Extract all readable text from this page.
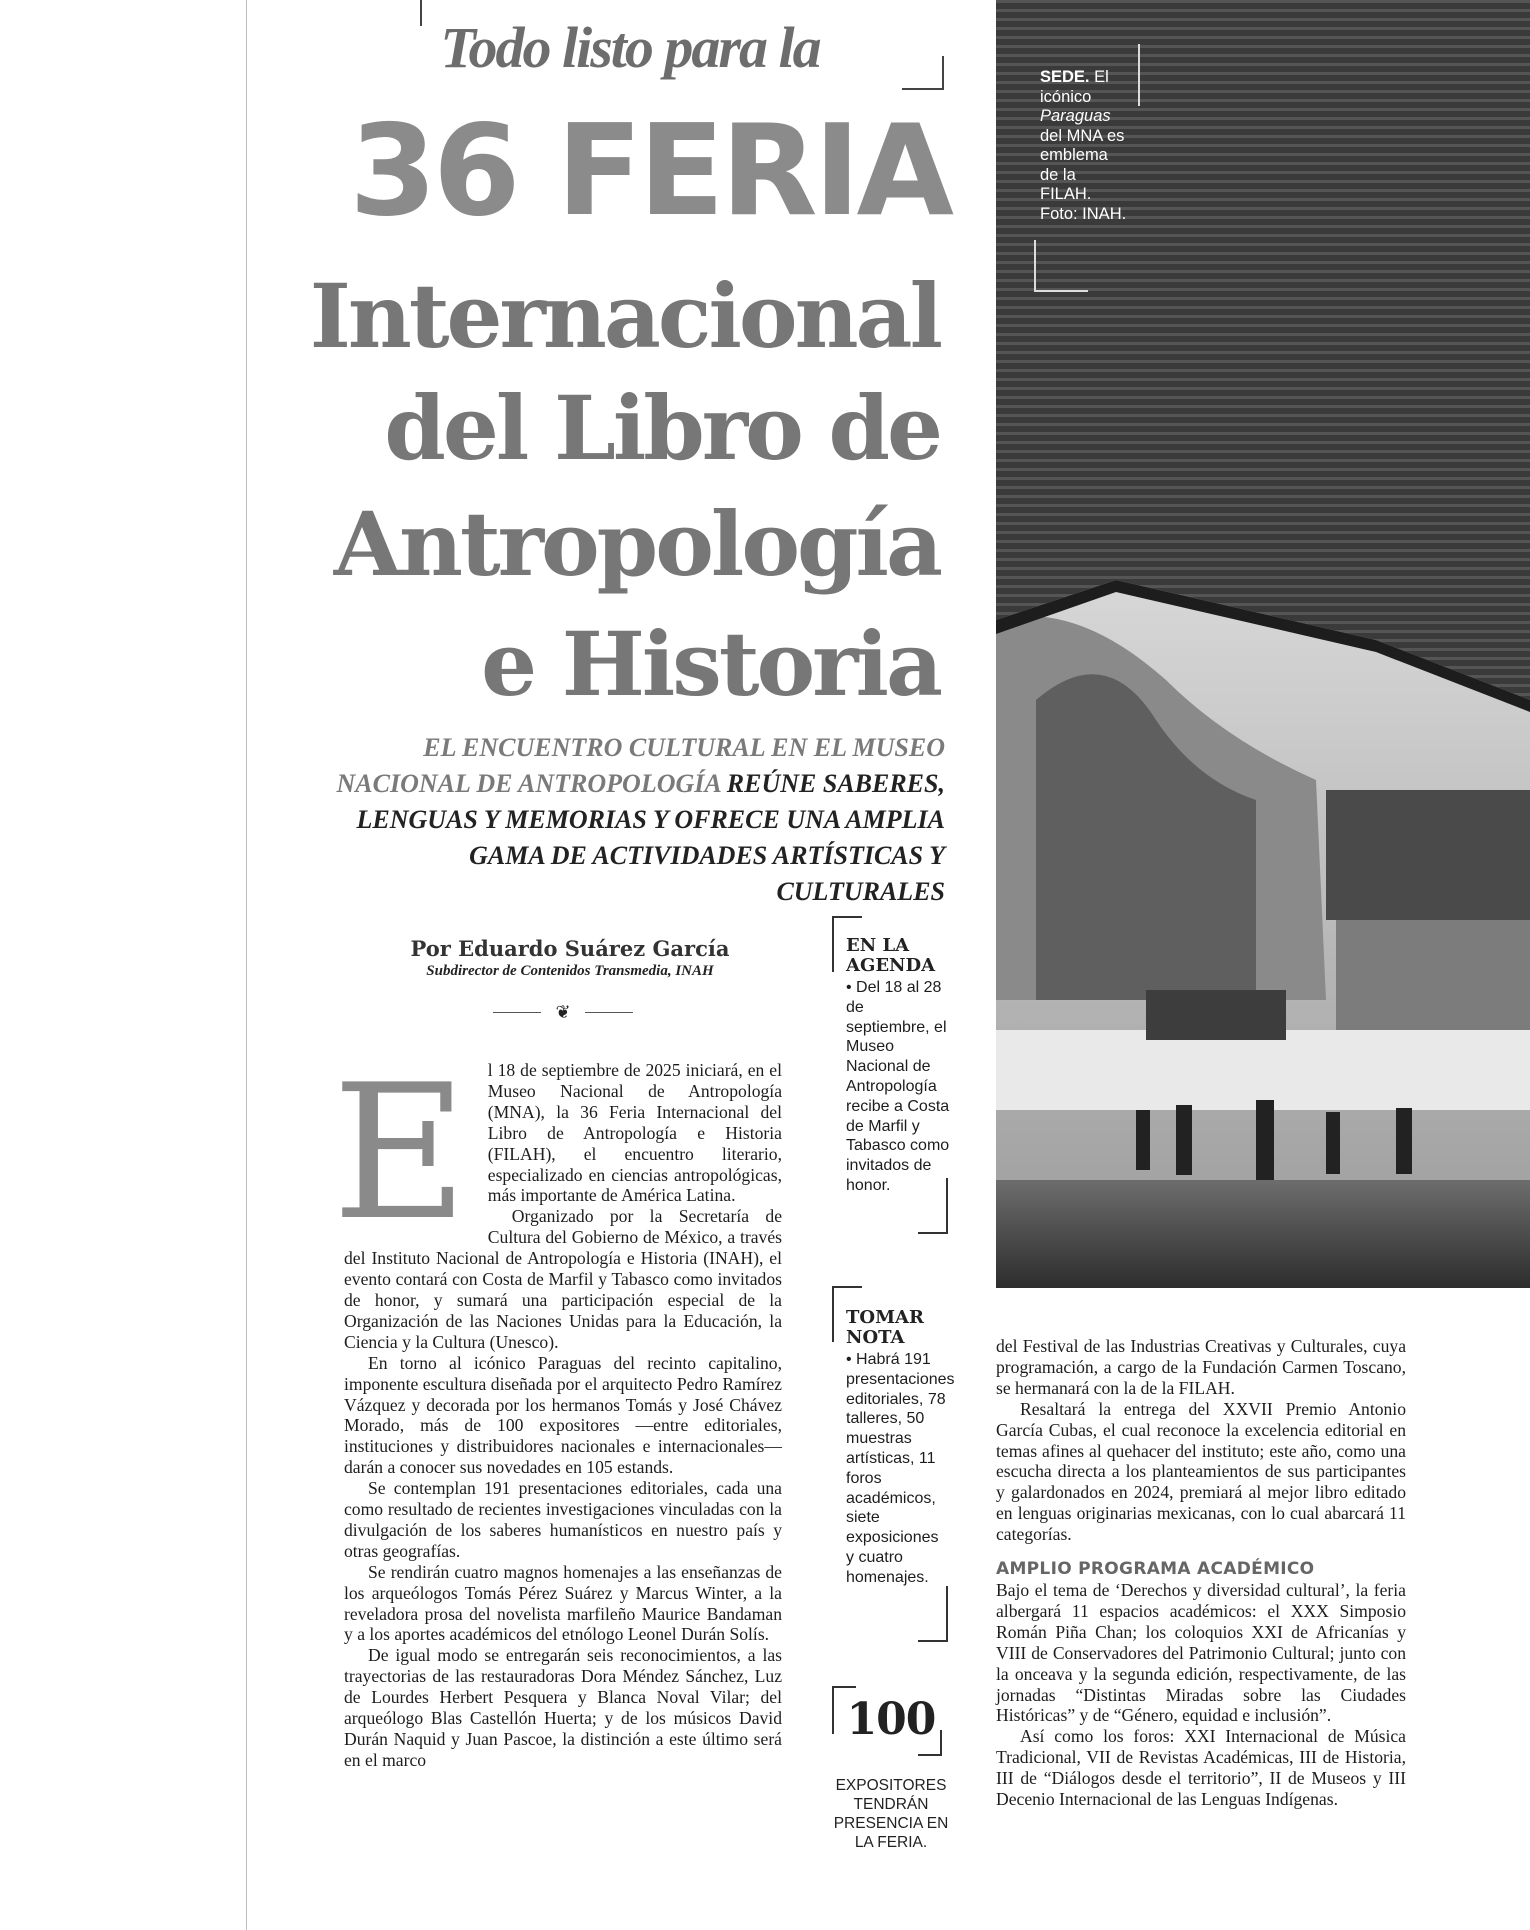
Todo listo para la
36 FERIA
Internacional
del Libro de
Antropología
e Historia
EL ENCUENTRO CULTURAL EN EL MUSEO NACIONAL DE ANTROPOLOGÍA REÚNE SABERES, LENGUAS Y MEMORIAS Y OFRECE UNA AMPLIA GAMA DE ACTIVIDADES ARTÍSTICAS Y CULTURALES
Por Eduardo Suárez García
Subdirector de Contenidos Transmedia, INAH
❦
E	l 18 de septiembre de 2025 iniciará, en el Museo Nacional de Antropología (MNA), la 36 Feria Internacional del Libro de Antropología e Historia (FILAH), el encuentro literario, especializado en ciencias antropológicas, más importante de América Latina.

Organizado por la Secretaría de Cultura del Gobierno de México, a través del Instituto Nacional de Antropología e Historia (INAH), el evento contará con Costa de Marfil y Tabasco como invitados de honor, y sumará una participación especial de la Organización de las Naciones Unidas para la Educación, la Ciencia y la Cultura (Unesco).

En torno al icónico Paraguas del recinto capitalino, imponente escultura diseñada por el arquitecto Pedro Ramírez Vázquez y decorada por los hermanos Tomás y José Chávez Morado, más de 100 expositores —entre editoriales, instituciones y distribuidores nacionales e internacionales— darán a conocer sus novedades en 105 estands.

Se contemplan 191 presentaciones editoriales, cada una como resultado de recientes investigaciones vinculadas con la divulgación de los saberes humanísticos en nuestro país y otras geografías.

Se rendirán cuatro magnos homenajes a las enseñanzas de los arqueólogos Tomás Pérez Suárez y Marcus Winter, a la reveladora prosa del novelista marfileño Maurice Bandaman y a los aportes académicos del etnólogo Leonel Durán Solís.

De igual modo se entregarán seis reconocimientos, a las trayectorias de las restauradoras Dora Méndez Sánchez, Luz de Lourdes Herbert Pesquera y Blanca Noval Vilar; del arqueólogo Blas Castellón Huerta; y de los músicos David Durán Naquid y Juan Pascoe, la distinción a este último será en el marco

EN LA AGENDA
• Del 18 al 28 de septiembre, el Museo Nacional de Antropología recibe a Costa de Marfil y Tabasco como invitados de honor.
TOMAR NOTA
• Habrá 191 presentaciones editoriales, 78 talleres, 50 muestras artísticas, 11 foros académicos, siete exposiciones y cuatro homenajes.
100
EXPOSITORES TENDRÁN PRESENCIA EN LA FERIA.

del Festival de las Industrias Creativas y Culturales, cuya programación, a cargo de la Fundación Carmen Toscano, se hermanará con la de la FILAH.

Resaltará la entrega del XXVII Premio Antonio García Cubas, el cual reconoce la excelencia editorial en temas afines al quehacer del instituto; este año, como una escucha directa a los planteamientos de sus participantes y galardonados en 2024, premiará al mejor libro editado en lenguas originarias mexicanas, con lo cual abarcará 11 categorías.

AMPLIO PROGRAMA ACADÉMICO

Bajo el tema de ‘Derechos y diversidad cultural’, la feria albergará 11 espacios académicos: el XXX Simposio Román Piña Chan; los coloquios XXI de Africanías y VIII de Conservadores del Patrimonio Cultural; junto con la onceava y la segunda edición, respectivamente, de las jornadas “Distintas Miradas sobre las Ciudades Históricas” y de “Género, equidad e inclusión”.

Así como los foros: XXI Internacional de Música Tradicional, VII de Revistas Académicas, III de Historia, III de “Diálogos desde el territorio”, II de Museos y III Decenio Internacional de las Lenguas Indígenas.

SEDE. El icónico Paraguas del MNA es emblema de la FILAH. Foto: INAH.
